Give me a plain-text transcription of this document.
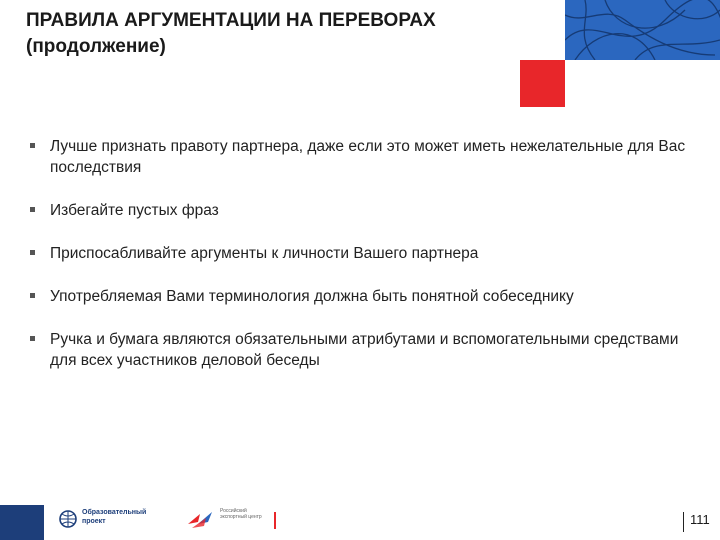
ПРАВИЛА АРГУМЕНТАЦИИ НА ПЕРЕВОРАХ
(продолжение)
Лучше признать правоту партнера, даже если это может иметь нежелательные для Вас последствия
Избегайте пустых фраз
Приспосабливайте аргументы к личности Вашего партнера
Употребляемая Вами терминология должна быть понятной собеседнику
Ручка и бумага являются обязательными атрибутами и вспомогательными средствами для всех участников деловой беседы
Образовательный проект
Российский экспортный центр	111
